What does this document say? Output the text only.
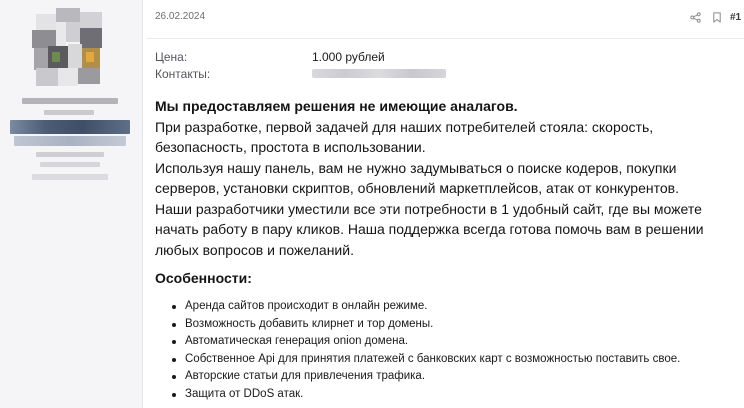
26.02.2024	#1
Цена:	1.000 рублей
Контакты:

Мы предоставляем решения не имеющие аналагов.

При разработке, первой задачей для наших потребителей стояла: скорость, безопасность, простота в использовании.

Используя нашу панель, вам не нужно задумываться о поиске кодеров, покупки серверов, установки скриптов, обновлений маркетплейсов, атак от конкурентов.

Наши разработчики уместили все эти потребности в 1 удобный сайт, где вы можете начать работу в пару кликов. Наша поддержка всегда готова помочь вам в решении любых вопросов и пожеланий.

Особенности:
Аренда сайтов происходит в онлайн режиме.
Возможность добавить клирнет и тор домены.
Автоматическая генерация onion домена.
Собственное Api для принятия платежей с банковских карт с возможностью поставить свое.
Авторские статьи для привлечения трафика.
Защита от DDoS атак.
